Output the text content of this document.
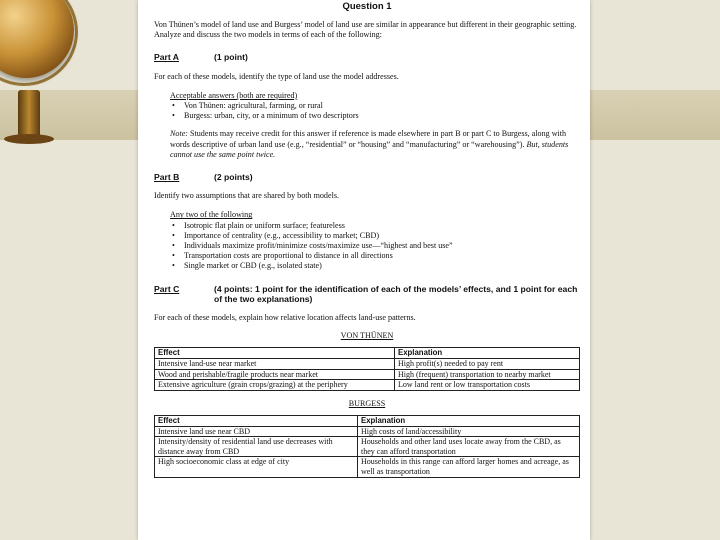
Question 1
Von Thünen’s model of land use and Burgess’ model of land use are similar in appearance but different in their geographic setting. Analyze and discuss the two models in terms of each of the following:
Part A	(1 point)
For each of these models, identify the type of land use the model addresses.
Acceptable answers (both are required)
• Von Thünen: agricultural, farming, or rural
• Burgess: urban, city, or a minimum of two descriptors
Note: Students may receive credit for this answer if reference is made elsewhere in part B or part C to Burgess, along with words descriptive of urban land use (e.g., “residential” or “housing” and “manufacturing” or “warehousing”). But, students cannot use the same point twice.
Part B	(2 points)
Identify two assumptions that are shared by both models.
Any two of the following
• Isotropic flat plain or uniform surface; featureless
• Importance of centrality (e.g., accessibility to market; CBD)
• Individuals maximize profit/minimize costs/maximize use—“highest and best use”
• Transportation costs are proportional to distance in all directions
• Single market or CBD (e.g., isolated state)
Part C	(4 points: 1 point for the identification of each of the models’ effects, and 1 point for each of the two explanations)
For each of these models, explain how relative location affects land-use patterns.
VON THÜNEN
Effect	Explanation
Intensive land-use near market	High profit(s) needed to pay rent
Wood and perishable/fragile products near market	High (frequent) transportation to nearby market
Extensive agriculture (grain crops/grazing) at the periphery	Low land rent or low transportation costs
BURGESS
Effect	Explanation
Intensive land use near CBD	High costs of land/accessibility
Intensity/density of residential land use decreases with distance away from CBD	Households and other land uses locate away from the CBD, as they can afford transportation
High socioeconomic class at edge of city	Households in this range can afford larger homes and acreage, as well as transportation
